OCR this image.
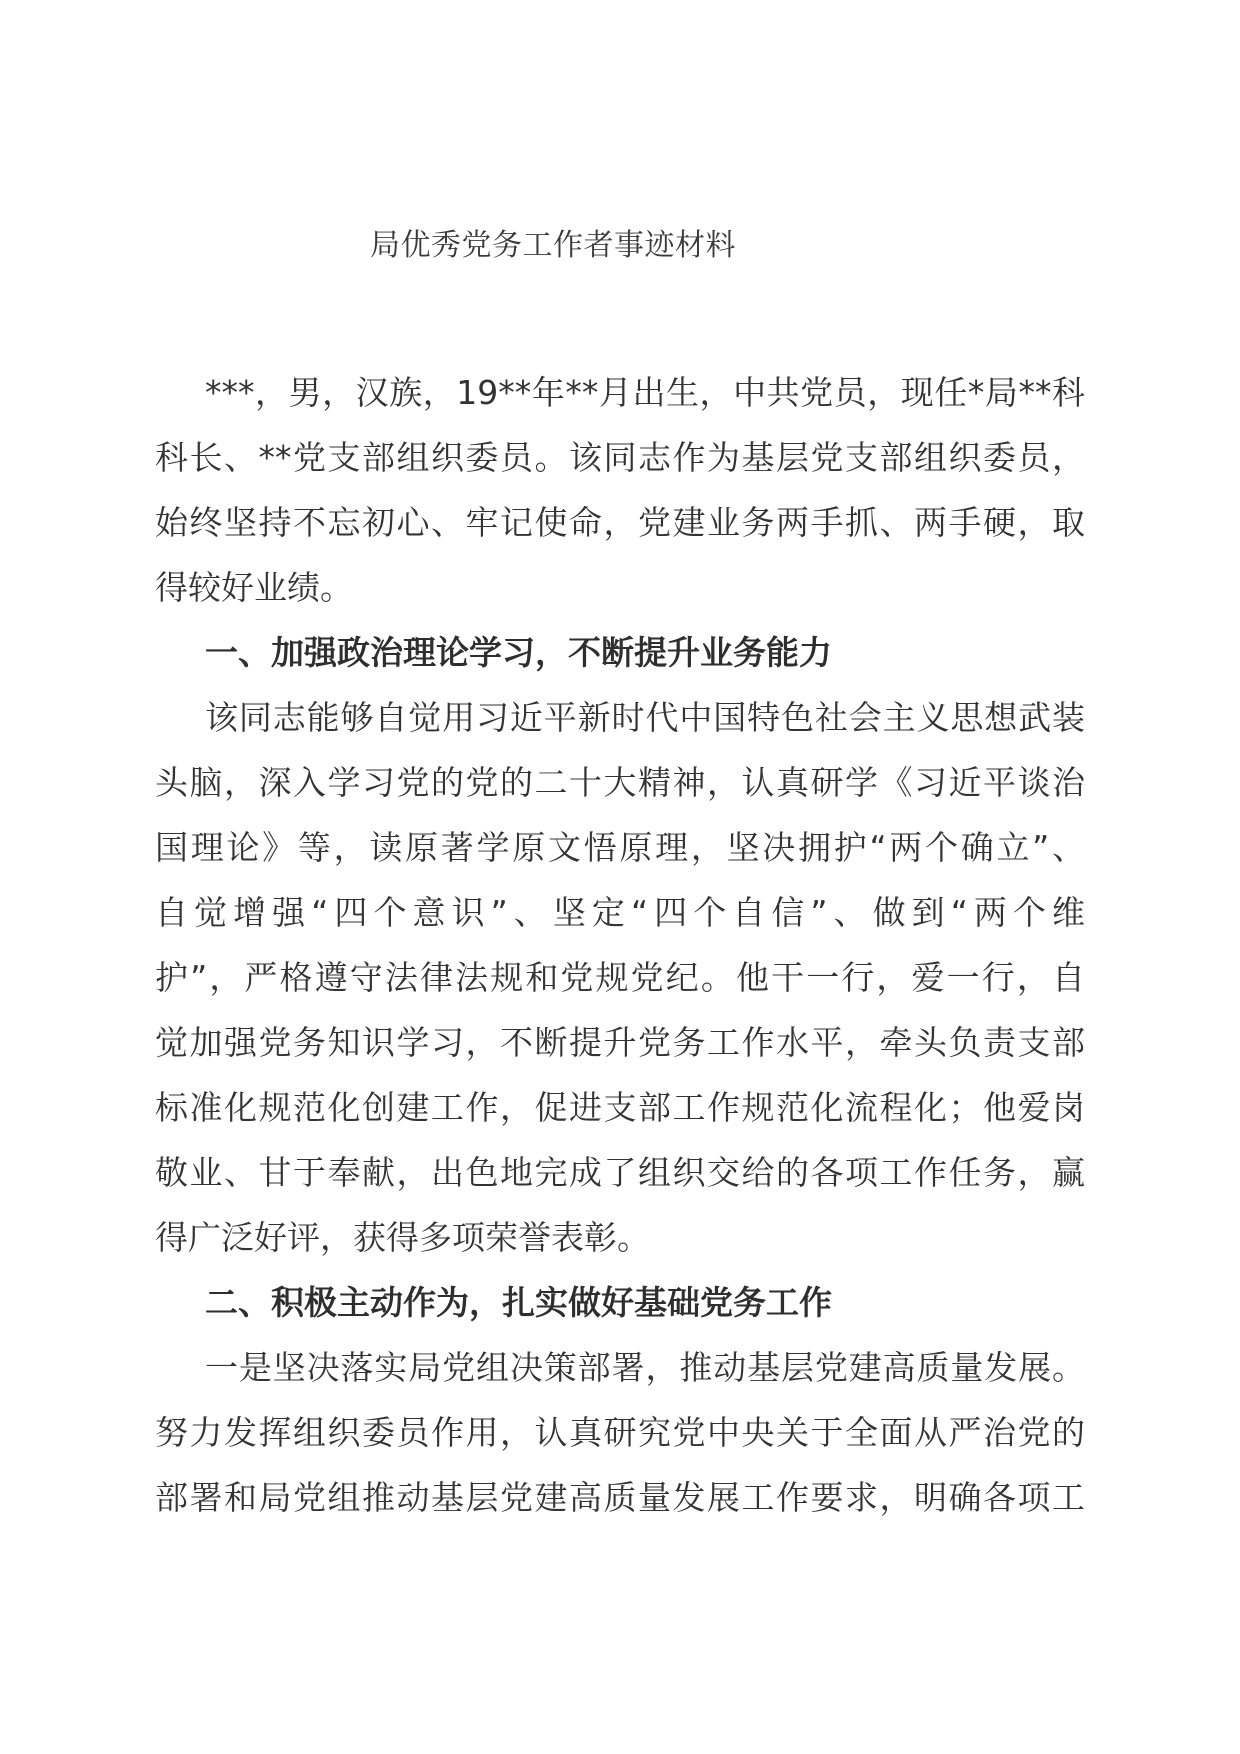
局优秀党务工作者事迹材料
***，男，汉族，19**年**月出生，中共党员，现任*局**科
科长、**党支部组织委员。该同志作为基层党支部组织委员，
始终坚持不忘初心、牢记使命，党建业务两手抓、两手硬，取
得较好业绩。
一、加强政治理论学习，不断提升业务能力
该同志能够自觉用习近平新时代中国特色社会主义思想武装
头脑，深入学习党的党的二十大精神，认真研学《习近平谈治
国理论》等，读原著学原文悟原理，坚决拥护“两个确立”、
自觉增强“四个意识”、坚定“四个自信”、做到“两个维
护”，严格遵守法律法规和党规党纪。他干一行，爱一行，自
觉加强党务知识学习，不断提升党务工作水平，牵头负责支部
标准化规范化创建工作，促进支部工作规范化流程化；他爱岗
敬业、甘于奉献，出色地完成了组织交给的各项工作任务，赢
得广泛好评，获得多项荣誉表彰。
二、积极主动作为，扎实做好基础党务工作
一是坚决落实局党组决策部署，推动基层党建高质量发展。
努力发挥组织委员作用，认真研究党中央关于全面从严治党的
部署和局党组推动基层党建高质量发展工作要求，明确各项工
